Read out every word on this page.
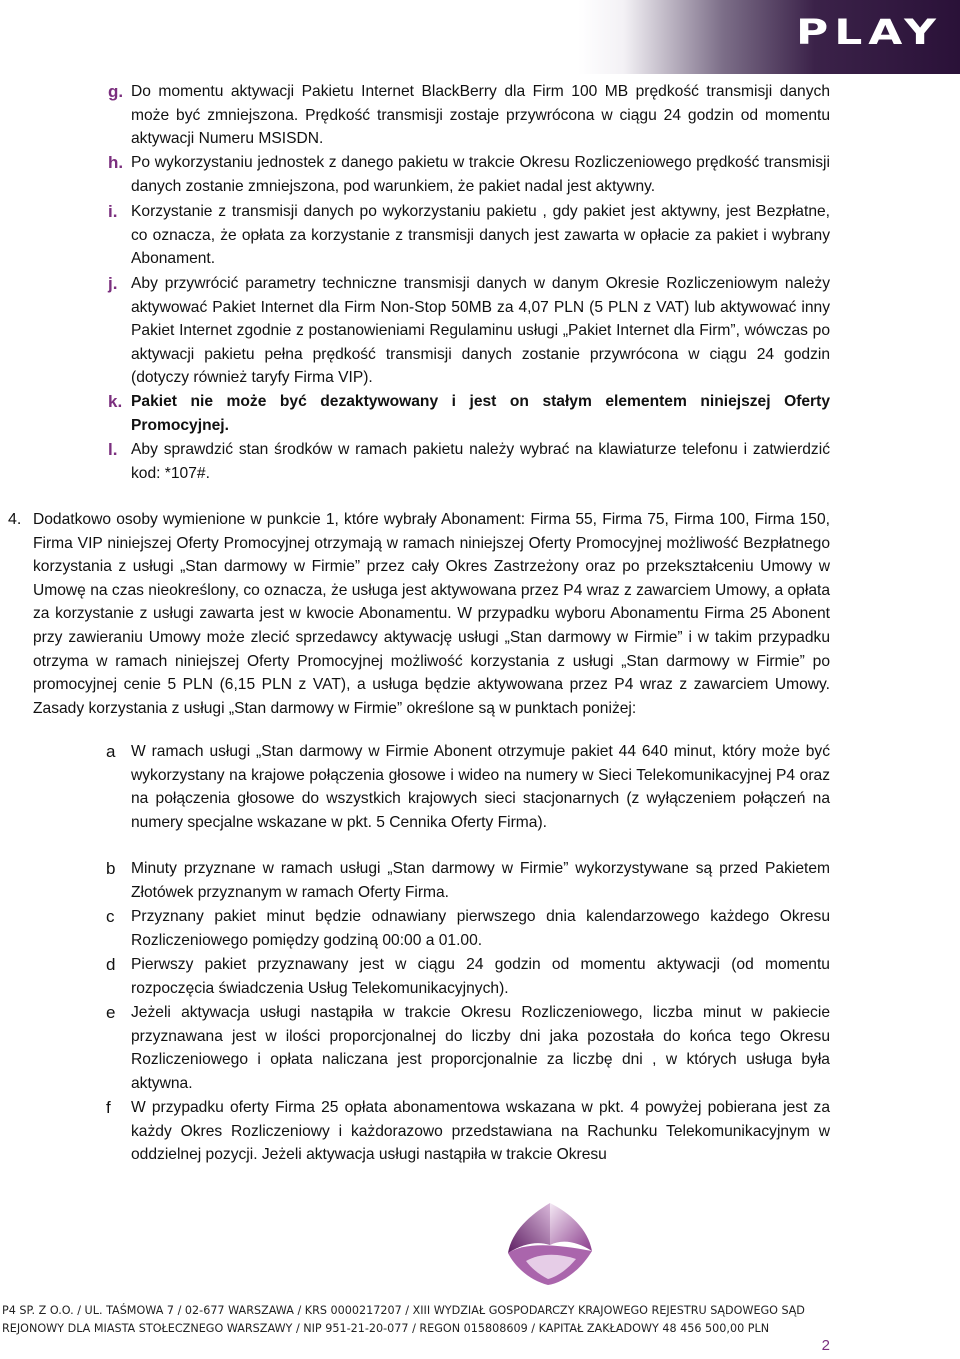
PLAY
g. Do momentu aktywacji Pakietu Internet BlackBerry dla Firm 100 MB prędkość transmisji danych może być zmniejszona. Prędkość transmisji zostaje przywrócona w ciągu 24 godzin od momentu aktywacji Numeru MSISDN.
h. Po wykorzystaniu jednostek z danego pakietu w trakcie Okresu Rozliczeniowego prędkość transmisji danych zostanie zmniejszona, pod warunkiem, że pakiet nadal jest aktywny.
i. Korzystanie z transmisji danych po wykorzystaniu pakietu , gdy pakiet jest aktywny, jest Bezpłatne, co oznacza, że opłata za korzystanie z transmisji danych jest zawarta w opłacie za pakiet i wybrany Abonament.
j. Aby przywrócić parametry techniczne transmisji danych w danym Okresie Rozliczeniowym należy aktywować Pakiet Internet dla Firm Non-Stop 50MB za 4,07 PLN (5 PLN z VAT) lub aktywować inny Pakiet Internet zgodnie z postanowieniami Regulaminu usługi „Pakiet Internet dla Firm”, wówczas po aktywacji pakietu pełna prędkość transmisji danych zostanie przywrócona w ciągu 24 godzin (dotyczy również taryfy Firma VIP).
k. Pakiet nie może być dezaktywowany i jest on stałym elementem niniejszej Oferty Promocyjnej.
l. Aby sprawdzić stan środków w ramach pakietu należy wybrać na klawiaturze telefonu i zatwierdzić kod: *107#.
4. Dodatkowo osoby wymienione w punkcie 1, które wybrały Abonament: Firma 55, Firma 75, Firma 100, Firma 150, Firma VIP niniejszej Oferty Promocyjnej otrzymają w ramach niniejszej Oferty Promocyjnej możliwość Bezpłatnego korzystania z usługi „Stan darmowy w Firmie” przez cały Okres Zastrzeżony oraz po przekształceniu Umowy w Umowę na czas nieokreślony, co oznacza, że usługa jest aktywowana przez P4 wraz z zawarciem Umowy, a opłata za korzystanie z usługi zawarta jest w kwocie Abonamentu. W przypadku wyboru Abonamentu Firma 25 Abonent przy zawieraniu Umowy może zlecić sprzedawcy aktywację usługi „Stan darmowy w Firmie” i w takim przypadku otrzyma w ramach niniejszej Oferty Promocyjnej możliwość korzystania z usługi „Stan darmowy w Firmie” po promocyjnej cenie 5 PLN (6,15 PLN z VAT), a usługa będzie aktywowana przez P4 wraz z zawarciem Umowy. Zasady korzystania z usługi „Stan darmowy w Firmie” określone są w punktach poniżej:
a W ramach usługi „Stan darmowy w Firmie Abonent otrzymuje pakiet 44 640 minut, który może być wykorzystany na krajowe połączenia głosowe i wideo na numery w Sieci Telekomunikacyjnej P4 oraz na połączenia głosowe do wszystkich krajowych sieci stacjonarnych (z wyłączeniem połączeń na numery specjalne wskazane w pkt. 5 Cennika Oferty Firma).
b Minuty przyznane w ramach usługi „Stan darmowy w Firmie” wykorzystywane są przed Pakietem Złotówek przyznanym w ramach Oferty Firma.
c Przyznany pakiet minut będzie odnawiany pierwszego dnia kalendarzowego każdego Okresu Rozliczeniowego pomiędzy godziną 00:00 a 01.00.
d Pierwszy pakiet przyznawany jest w ciągu 24 godzin od momentu aktywacji (od momentu rozpoczęcia świadczenia Usług Telekomunikacyjnych).
e Jeżeli aktywacja usługi nastąpiła w trakcie Okresu Rozliczeniowego, liczba minut w pakiecie przyznawana jest w ilości proporcjonalnej do liczby dni jaka pozostała do końca tego Okresu Rozliczeniowego i opłata naliczana jest proporcjonalnie za liczbę dni , w których usługa była aktywna.
f W przypadku oferty Firma 25 opłata abonamentowa wskazana w pkt. 4 powyżej pobierana jest za każdy Okres Rozliczeniowy i każdorazowo przedstawiana na Rachunku Telekomunikacyjnym w oddzielnej pozycji. Jeżeli aktywacja usługi nastąpiła w trakcie Okresu
P4 SP. Z O.O. / UL. TAŚMOWA 7 / 02-677 WARSZAWA / KRS 0000217207 / XIII WYDZIAŁ GOSPODARCZY KRAJOWEGO REJESTRU SĄDOWEGO SĄD
REJONOWY DLA MIASTA STOŁECZNEGO WARSZAWY / NIP 951-21-20-077 / REGON 015808609 / KAPITAŁ ZAKŁADOWY 48 456 500,00 PLN
2
